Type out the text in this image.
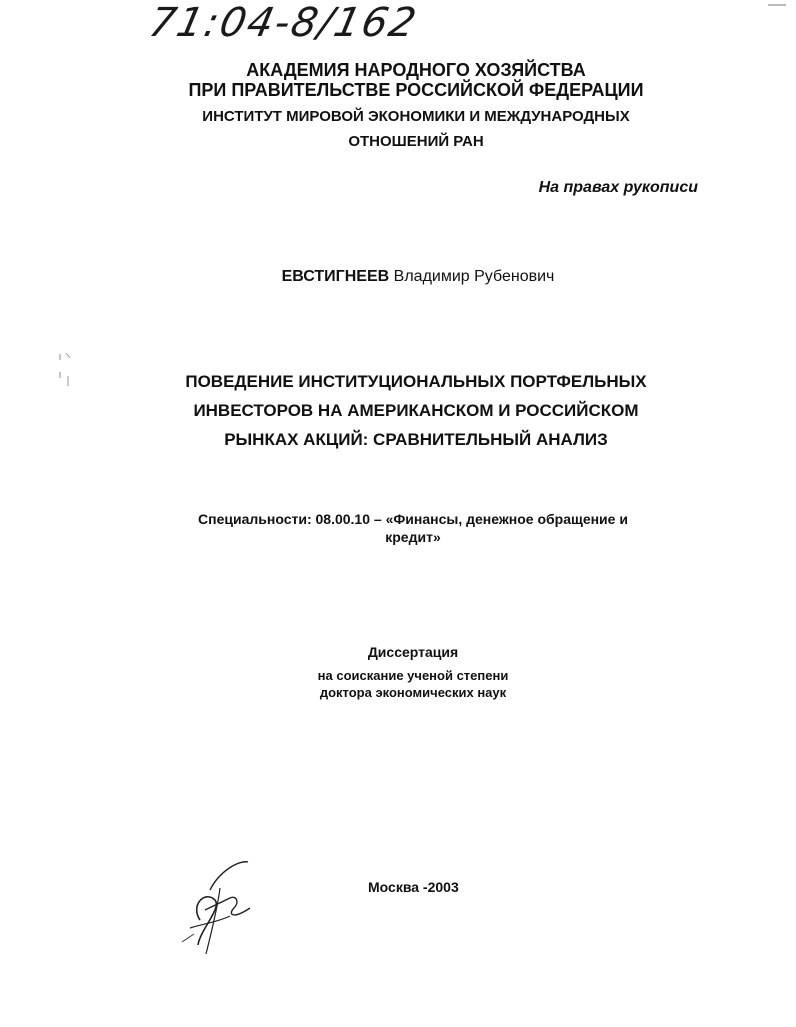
71:04-8/162
АКАДЕМИЯ НАРОДНОГО ХОЗЯЙСТВА
ПРИ ПРАВИТЕЛЬСТВЕ РОССИЙСКОЙ ФЕДЕРАЦИИ
ИНСТИТУТ МИРОВОЙ ЭКОНОМИКИ И МЕЖДУНАРОДНЫХ
ОТНОШЕНИЙ РАН
На правах рукописи
ЕВСТИГНЕЕВ Владимир Рубенович
ПОВЕДЕНИЕ ИНСТИТУЦИОНАЛЬНЫХ ПОРТФЕЛЬНЫХ
ИНВЕСТОРОВ НА АМЕРИКАНСКОМ И РОССИЙСКОМ
РЫНКАХ АКЦИЙ: СРАВНИТЕЛЬНЫЙ АНАЛИЗ
Специальности: 08.00.10 – «Финансы, денежное обращение и
кредит»
Диссертация
на соискание ученой степени
доктора экономических наук
Москва -2003
